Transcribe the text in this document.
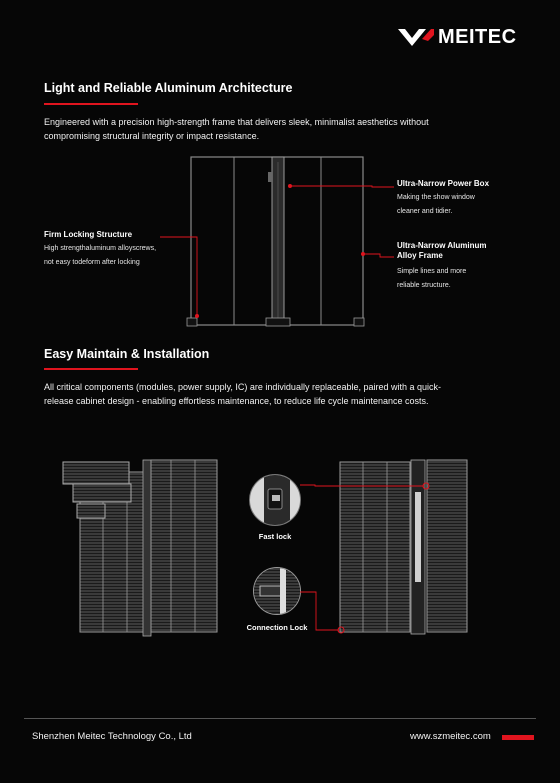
MEITEC
Light and Reliable Aluminum Architecture
Engineered with a precision high-strength frame that delivers sleek, minimalist aesthetics without
compromising structural integrity or impact resistance.
Firm Locking Structure
High strengthaluminum alloyscrews,
not easy todeform after locking
Ultra-Narrow Power Box
Making the show window
cleaner and tidier.
Ultra-Narrow Aluminum
Alloy Frame
Simple lines and more
reliable structure.
Easy Maintain & Installation
All critical components (modules, power supply, IC) are individually replaceable, paired with a quick-
release cabinet design - enabling effortless maintenance, to reduce life cycle maintenance costs.
Fast lock
Connection Lock
Shenzhen Meitec Technology Co., Ltd	www.szmeitec.com
